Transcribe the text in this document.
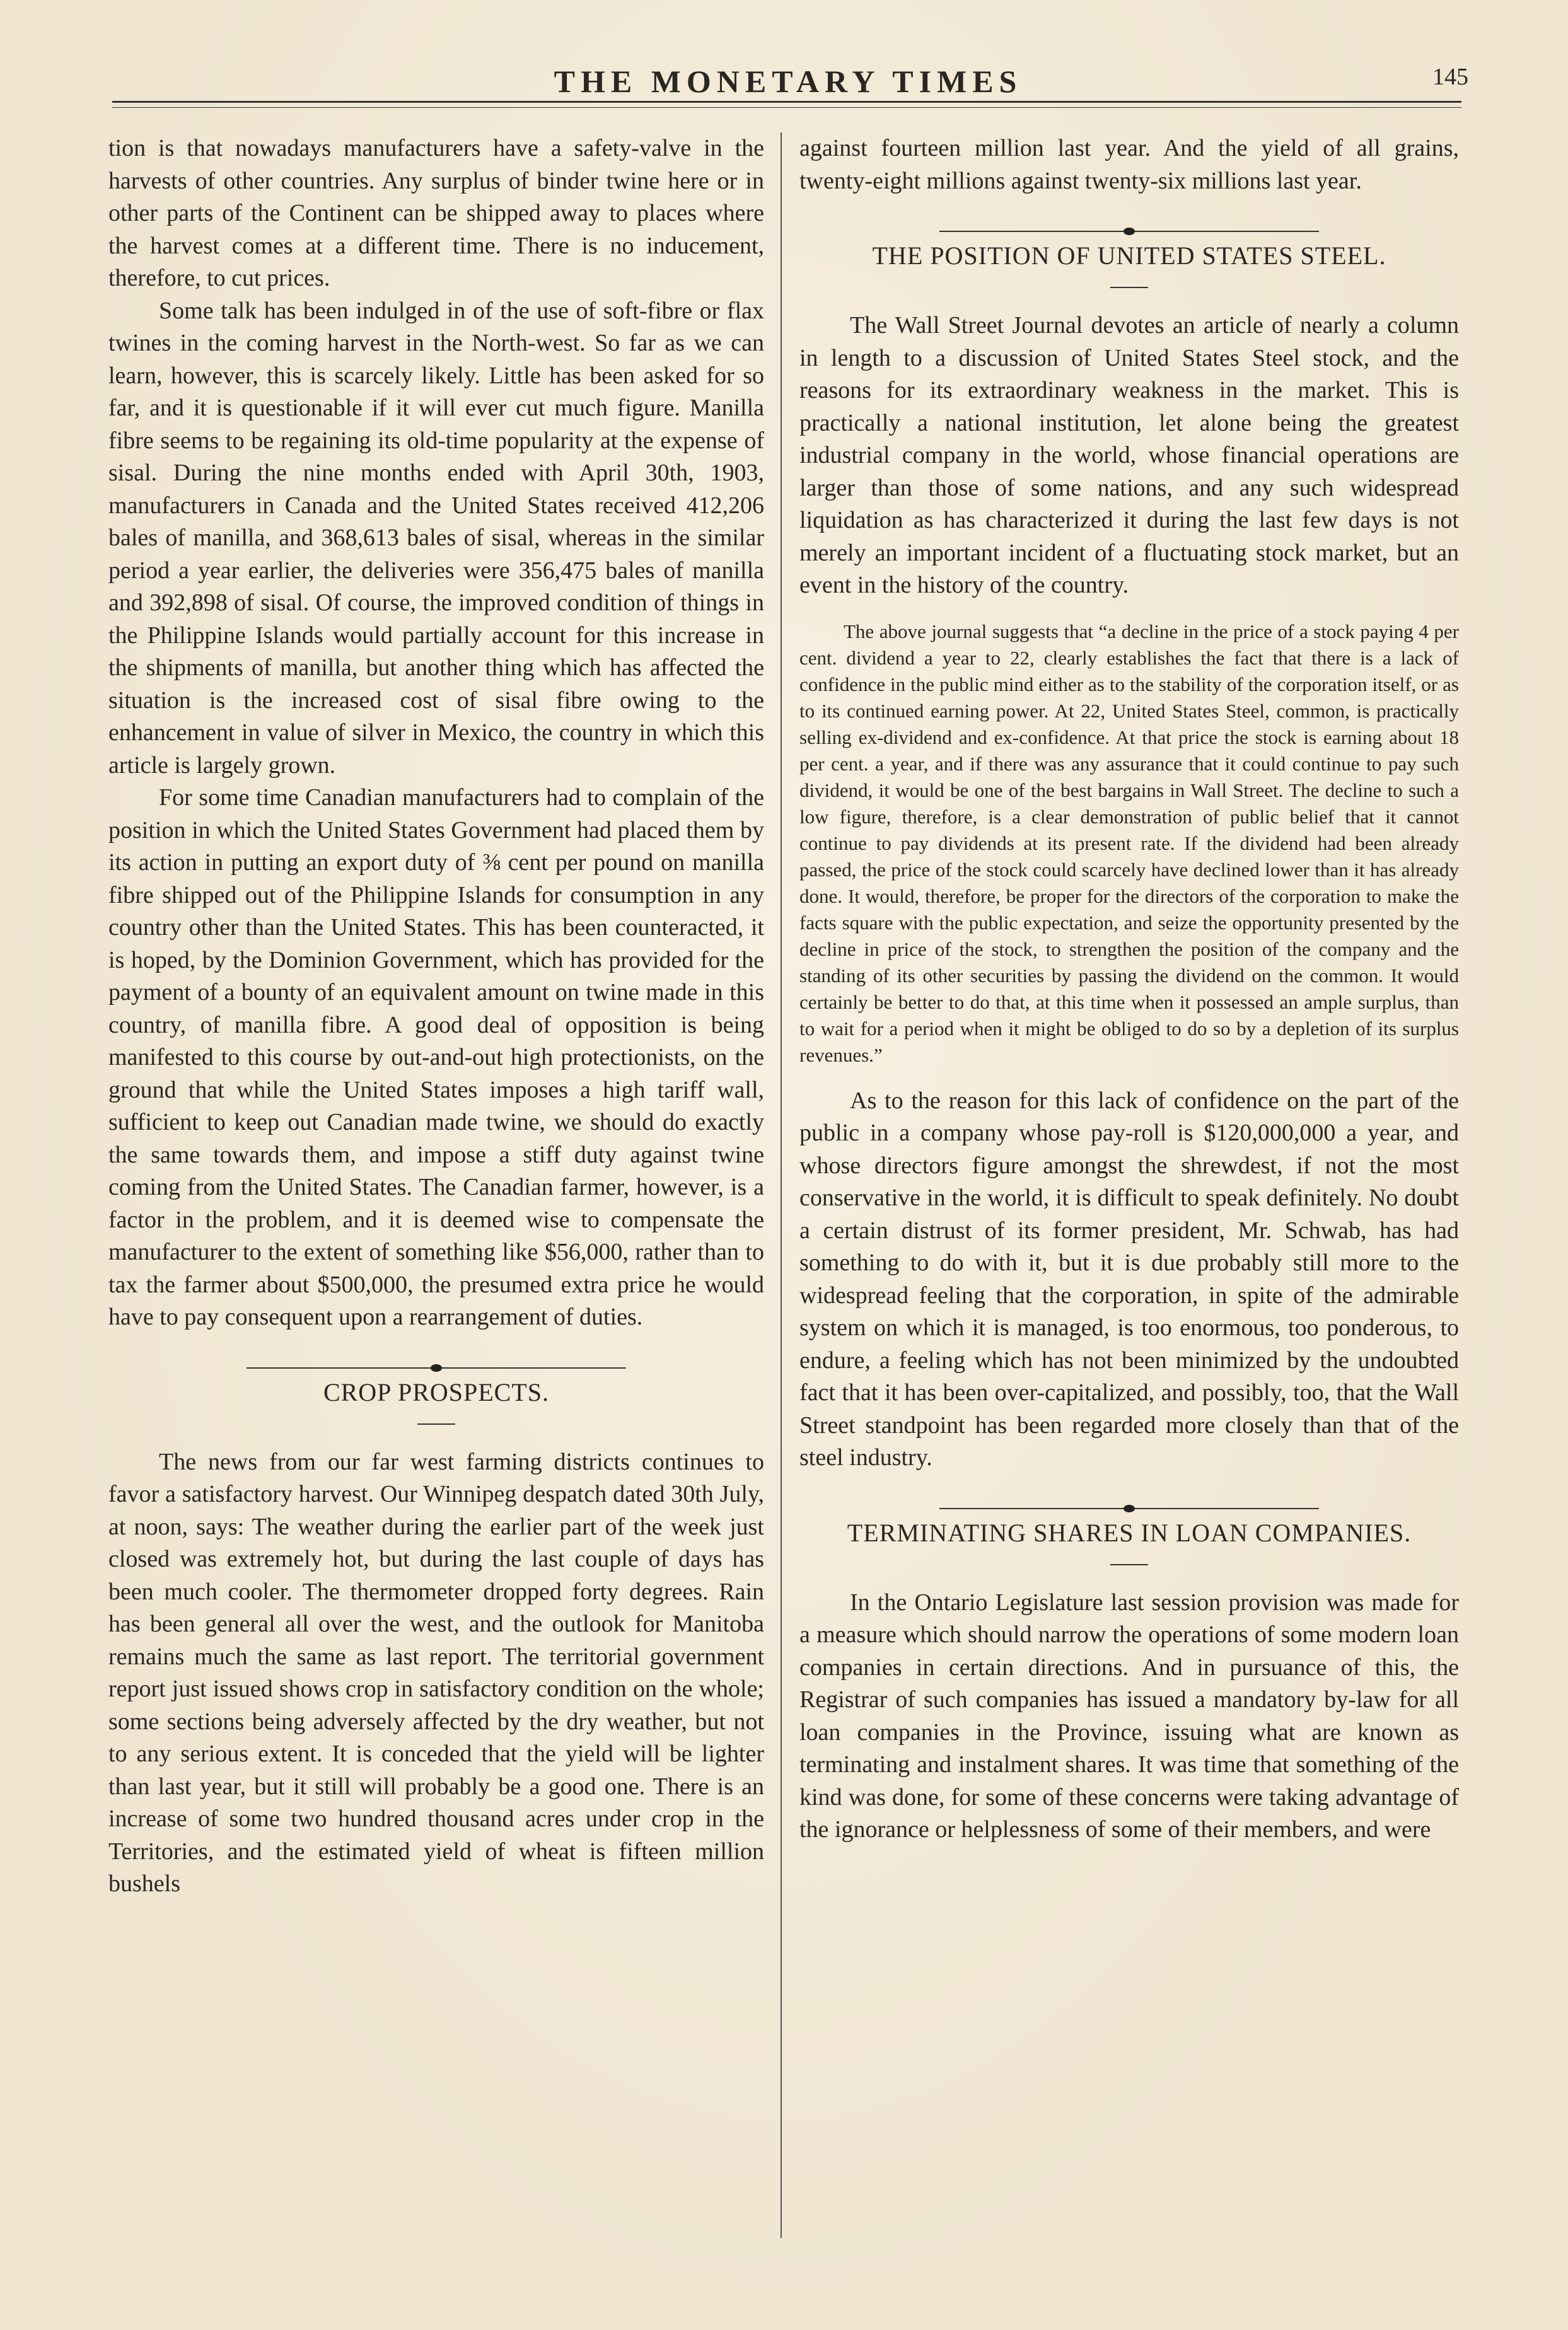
THE MONETARY TIMES	145

tion is that nowadays manufacturers have a safety-valve in the harvests of other countries. Any surplus of binder twine here or in other parts of the Continent can be shipped away to places where the harvest comes at a different time. There is no inducement, therefore, to cut prices.

Some talk has been indulged in of the use of soft-fibre or flax twines in the coming harvest in the North-west. So far as we can learn, however, this is scarcely likely. Little has been asked for so far, and it is questionable if it will ever cut much figure. Manilla fibre seems to be regaining its old-time popularity at the expense of sisal. During the nine months ended with April 30th, 1903, manufacturers in Canada and the United States received 412,206 bales of manilla, and 368,613 bales of sisal, whereas in the similar period a year earlier, the deliveries were 356,475 bales of manilla and 392,898 of sisal. Of course, the improved condition of things in the Philippine Islands would partially account for this increase in the shipments of manilla, but another thing which has affected the situation is the increased cost of sisal fibre owing to the enhancement in value of silver in Mexico, the country in which this article is largely grown.

For some time Canadian manufacturers had to complain of the position in which the United States Government had placed them by its action in putting an export duty of ⅜ cent per pound on manilla fibre shipped out of the Philippine Islands for consumption in any country other than the United States. This has been counteracted, it is hoped, by the Dominion Government, which has provided for the payment of a bounty of an equivalent amount on twine made in this country, of manilla fibre. A good deal of opposition is being manifested to this course by out-and-out high protectionists, on the ground that while the United States imposes a high tariff wall, sufficient to keep out Canadian made twine, we should do exactly the same towards them, and impose a stiff duty against twine coming from the United States. The Canadian farmer, however, is a factor in the problem, and it is deemed wise to compensate the manufacturer to the extent of something like $56,000, rather than to tax the farmer about $500,000, the presumed extra price he would have to pay consequent upon a rearrangement of duties.

CROP PROSPECTS.

The news from our far west farming districts continues to favor a satisfactory harvest. Our Winnipeg despatch dated 30th July, at noon, says: The weather during the earlier part of the week just closed was extremely hot, but during the last couple of days has been much cooler. The thermometer dropped forty degrees. Rain has been general all over the west, and the outlook for Manitoba remains much the same as last report. The territorial government report just issued shows crop in satisfactory condition on the whole; some sections being adversely affected by the dry weather, but not to any serious extent. It is conceded that the yield will be lighter than last year, but it still will probably be a good one. There is an increase of some two hundred thousand acres under crop in the Territories, and the estimated yield of wheat is fifteen million bushels

against fourteen million last year. And the yield of all grains, twenty-eight millions against twenty-six millions last year.

THE POSITION OF UNITED STATES STEEL.

The Wall Street Journal devotes an article of nearly a column in length to a discussion of United States Steel stock, and the reasons for its extraordinary weakness in the market. This is practically a national institution, let alone being the greatest industrial company in the world, whose financial operations are larger than those of some nations, and any such widespread liquidation as has characterized it during the last few days is not merely an important incident of a fluctuating stock market, but an event in the history of the country.

The above journal suggests that “a decline in the price of a stock paying 4 per cent. dividend a year to 22, clearly establishes the fact that there is a lack of confidence in the public mind either as to the stability of the corporation itself, or as to its continued earning power. At 22, United States Steel, common, is practically selling ex-dividend and ex-confidence. At that price the stock is earning about 18 per cent. a year, and if there was any assurance that it could continue to pay such dividend, it would be one of the best bargains in Wall Street. The decline to such a low figure, therefore, is a clear demonstration of public belief that it cannot continue to pay dividends at its present rate. If the dividend had been already passed, the price of the stock could scarcely have declined lower than it has already done. It would, therefore, be proper for the directors of the corporation to make the facts square with the public expectation, and seize the opportunity presented by the decline in price of the stock, to strengthen the position of the company and the standing of its other securities by passing the dividend on the common. It would certainly be better to do that, at this time when it possessed an ample surplus, than to wait for a period when it might be obliged to do so by a depletion of its surplus revenues.”

As to the reason for this lack of confidence on the part of the public in a company whose pay-roll is $120,000,000 a year, and whose directors figure amongst the shrewdest, if not the most conservative in the world, it is difficult to speak definitely. No doubt a certain distrust of its former president, Mr. Schwab, has had something to do with it, but it is due probably still more to the widespread feeling that the corporation, in spite of the admirable system on which it is managed, is too enormous, too ponderous, to endure, a feeling which has not been minimized by the undoubted fact that it has been over-capitalized, and possibly, too, that the Wall Street standpoint has been regarded more closely than that of the steel industry.

TERMINATING SHARES IN LOAN COMPANIES.

In the Ontario Legislature last session provision was made for a measure which should narrow the operations of some modern loan companies in certain directions. And in pursuance of this, the Registrar of such companies has issued a mandatory by-law for all loan companies in the Province, issuing what are known as terminating and instalment shares. It was time that something of the kind was done, for some of these concerns were taking advantage of the ignorance or helplessness of some of their members, and were
